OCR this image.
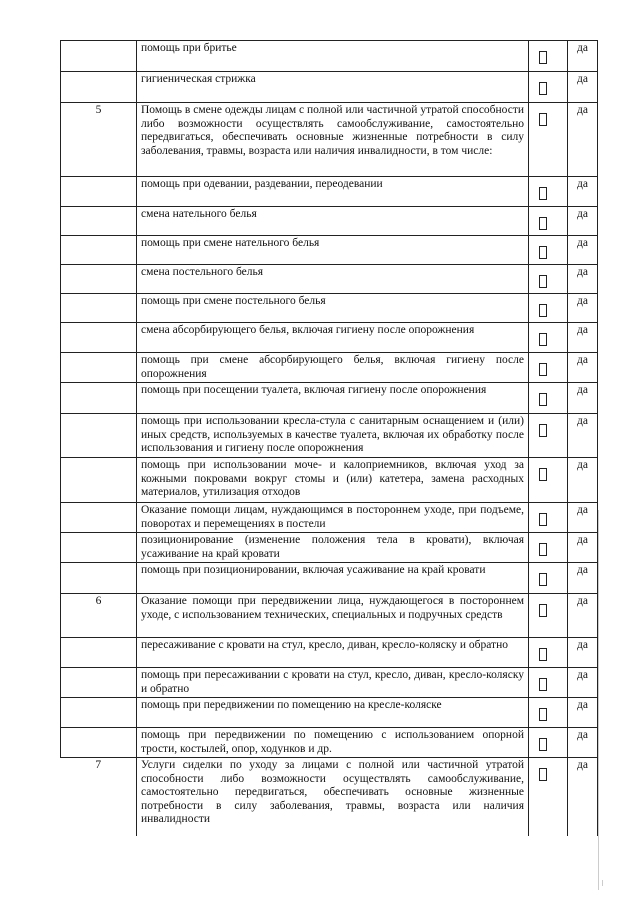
	помощь при бритье		да
	гигиеническая стрижка		да
5	Помощь в смене одежды лицам с полной или частичной утратой способности либо возможности осуществлять самообслуживание, самостоятельно передвигаться, обеспечивать основные жизненные потребности в силу заболевания, травмы, возраста или наличия инвалидности, в том числе:		да
	помощь при одевании, раздевании, переодевании		да
	смена нательного белья		да
	помощь при смене нательного белья		да
	смена постельного белья		да
	помощь при смене постельного белья		да
	смена абсорбирующего белья, включая гигиену после опорожнения		да
	помощь при смене абсорбирующего белья, включая гигиену после опорожнения		да
	помощь при посещении туалета, включая гигиену после опорожнения		да
	помощь при использовании кресла-стула с санитарным оснащением и (или) иных средств, используемых в качестве туалета, включая их обработку после использования и гигиену после опорожнения		да
	помощь при использовании моче- и калоприемников, включая уход за кожными покровами вокруг стомы и (или) катетера, замена расходных материалов, утилизация отходов		да
	Оказание помощи лицам, нуждающимся в постороннем уходе, при подъеме, поворотах и перемещениях в постели		да
	позиционирование (изменение положения тела в кровати), включая усаживание на край кровати		да
	помощь при позиционировании, включая усаживание на край кровати		да
6	Оказание помощи при передвижении лица, нуждающегося в постороннем уходе, с использованием технических, специальных и подручных средств		да
	пересаживание с кровати на стул, кресло, диван, кресло-коляску и обратно		да
	помощь при пересаживании с кровати на стул, кресло, диван, кресло-коляску и обратно		да
	помощь при передвижении по помещению на кресле-коляске		да
	помощь при передвижении по помещению с использованием опорной трости, костылей, опор, ходунков и др.		да
7	Услуги сиделки по уходу за лицами с полной или частичной утратой способности либо возможности осуществлять самообслуживание, самостоятельно передвигаться, обеспечивать основные жизненные потребности в силу заболевания, травмы, возраста или наличия инвалидности		да
